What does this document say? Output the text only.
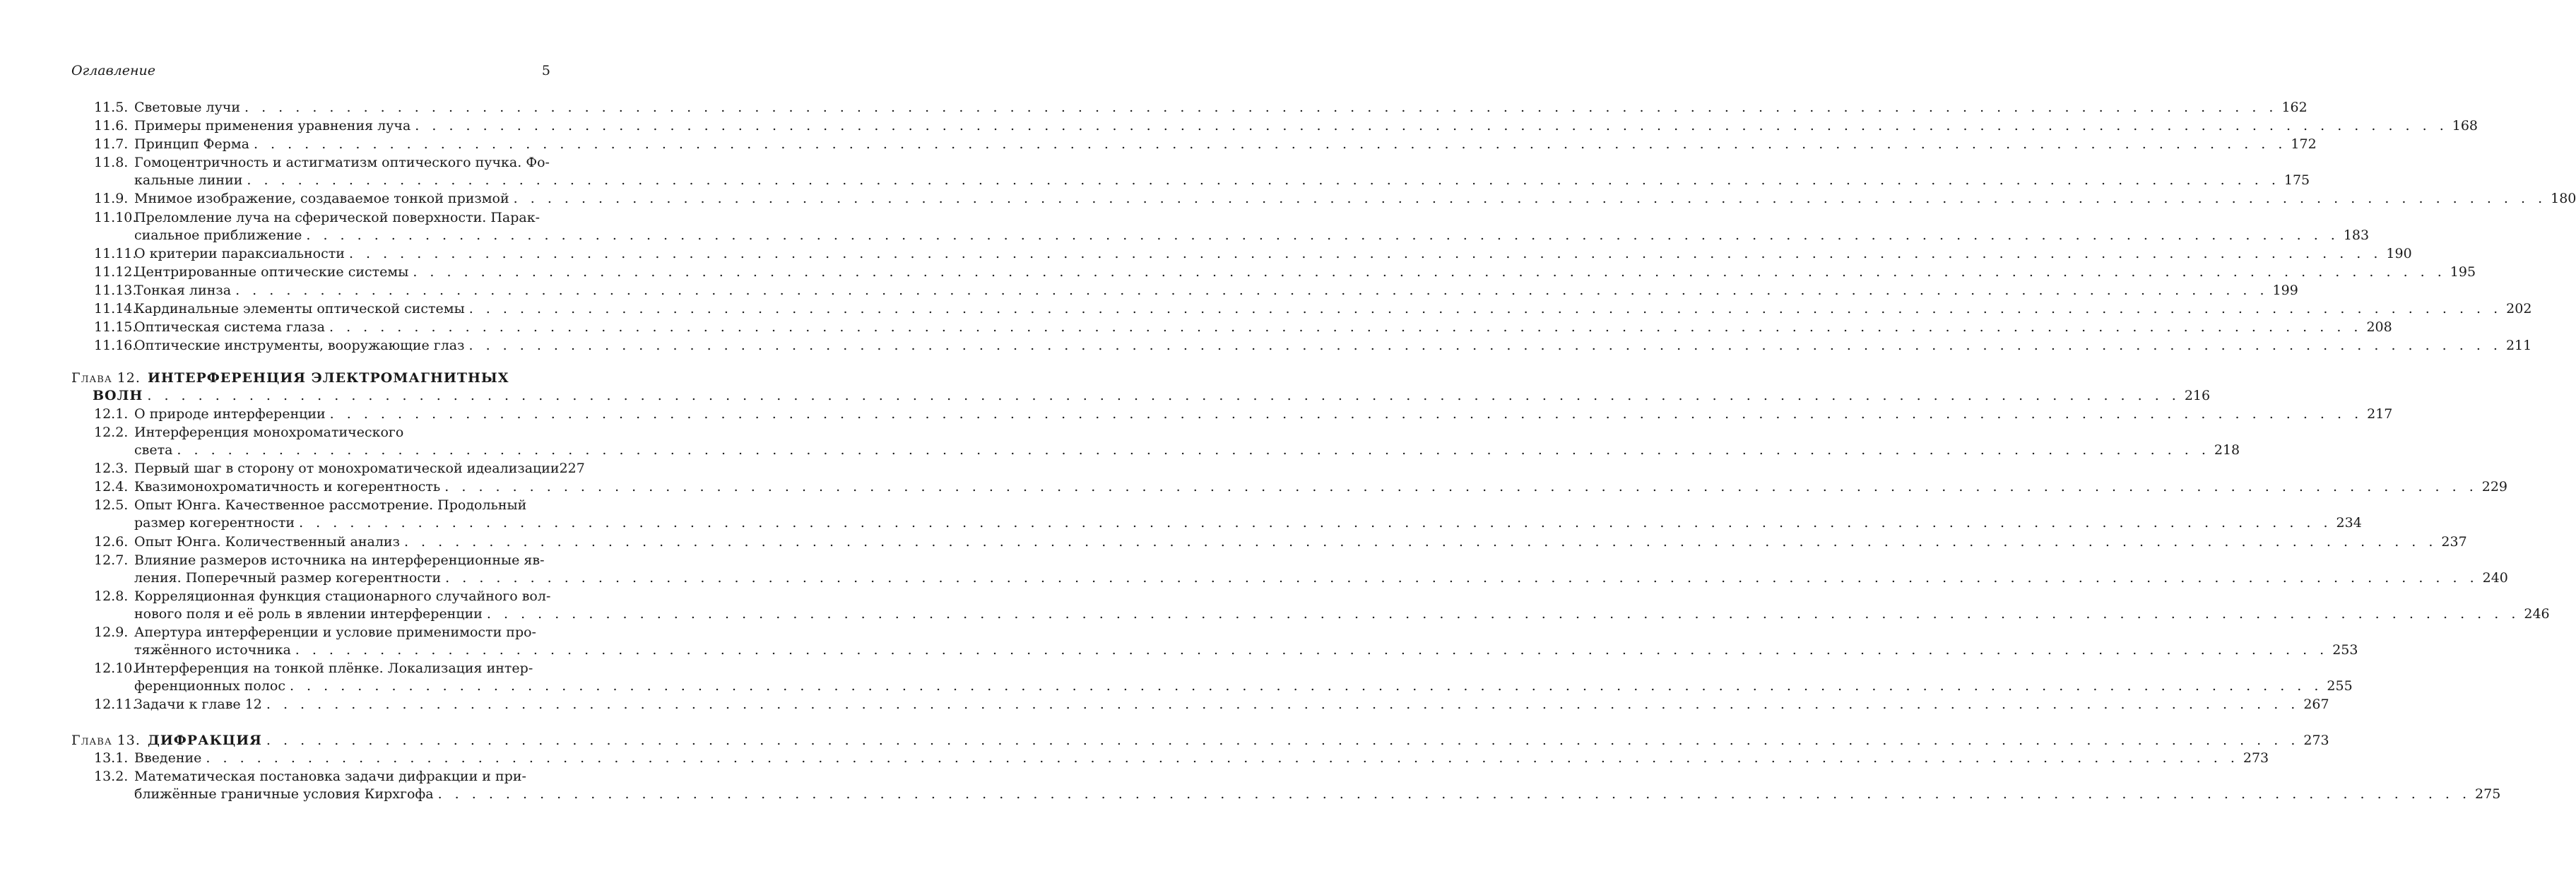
Оглавление	5
11.5. Световые лучи . . . . . . . . . . . . . . . . . . . . . . . . . . . . . . . . . . . . . . . . . . . . . . . . . . . . . . . . . . . . . . . . . . . . . . . . . . . . . . . . . . . . . . . . . . . . . . . . . . . . . . . . . . . . . . . . . . . . . . . . 162
11.6. Примеры применения уравнения луча . . . . . . . . . . . . . . . . . . . . . . . . . . . . . . . . . . . . . . . . . . . . . . . . . . . . . . . . . . . . . . . . . . . . . . . . . . . . . . . . . . . . . . . . . . . . . . . . . . . . . . . . . . . . . . . . . . . . . . . . 168
11.7. Принцип Ферма . . . . . . . . . . . . . . . . . . . . . . . . . . . . . . . . . . . . . . . . . . . . . . . . . . . . . . . . . . . . . . . . . . . . . . . . . . . . . . . . . . . . . . . . . . . . . . . . . . . . . . . . . . . . . . . . . . . . . . . . 172
11.8. Гомоцентричность и астигматизм оптического пучка. Фо-
кальные линии . . . . . . . . . . . . . . . . . . . . . . . . . . . . . . . . . . . . . . . . . . . . . . . . . . . . . . . . . . . . . . . . . . . . . . . . . . . . . . . . . . . . . . . . . . . . . . . . . . . . . . . . . . . . . . . . . . . . . . . . 175
11.9. Мнимое изображение, создаваемое тонкой призмой . . . . . . . . . . . . . . . . . . . . . . . . . . . . . . . . . . . . . . . . . . . . . . . . . . . . . . . . . . . . . . . . . . . . . . . . . . . . . . . . . . . . . . . . . . . . . . . . . . . . . . . . . . . . . . . . . . . . . . . . 180
11.10.
Преломление луча на сферической поверхности. Парак-
сиальное приближение . . . . . . . . . . . . . . . . . . . . . . . . . . . . . . . . . . . . . . . . . . . . . . . . . . . . . . . . . . . . . . . . . . . . . . . . . . . . . . . . . . . . . . . . . . . . . . . . . . . . . . . . . . . . . . . . . . . . . . . . 183
11.11.
О критерии параксиальности . . . . . . . . . . . . . . . . . . . . . . . . . . . . . . . . . . . . . . . . . . . . . . . . . . . . . . . . . . . . . . . . . . . . . . . . . . . . . . . . . . . . . . . . . . . . . . . . . . . . . . . . . . . . . . . . . . . . . . . . 190
11.12.
Центрированные оптические системы . . . . . . . . . . . . . . . . . . . . . . . . . . . . . . . . . . . . . . . . . . . . . . . . . . . . . . . . . . . . . . . . . . . . . . . . . . . . . . . . . . . . . . . . . . . . . . . . . . . . . . . . . . . . . . . . . . . . . . . . 195
11.13.
Тонкая линза . . . . . . . . . . . . . . . . . . . . . . . . . . . . . . . . . . . . . . . . . . . . . . . . . . . . . . . . . . . . . . . . . . . . . . . . . . . . . . . . . . . . . . . . . . . . . . . . . . . . . . . . . . . . . . . . . . . . . . . . 199
11.14.
Кардинальные элементы оптической системы . . . . . . . . . . . . . . . . . . . . . . . . . . . . . . . . . . . . . . . . . . . . . . . . . . . . . . . . . . . . . . . . . . . . . . . . . . . . . . . . . . . . . . . . . . . . . . . . . . . . . . . . . . . . . . . . . . . . . . . . 202
11.15.
Оптическая система глаза . . . . . . . . . . . . . . . . . . . . . . . . . . . . . . . . . . . . . . . . . . . . . . . . . . . . . . . . . . . . . . . . . . . . . . . . . . . . . . . . . . . . . . . . . . . . . . . . . . . . . . . . . . . . . . . . . . . . . . . . 208
11.16.
Оптические инструменты, вооружающие глаз . . . . . . . . . . . . . . . . . . . . . . . . . . . . . . . . . . . . . . . . . . . . . . . . . . . . . . . . . . . . . . . . . . . . . . . . . . . . . . . . . . . . . . . . . . . . . . . . . . . . . . . . . . . . . . . . . . . . . . . . 211
12.1. О природе интерференции . . . . . . . . . . . . . . . . . . . . . . . . . . . . . . . . . . . . . . . . . . . . . . . . . . . . . . . . . . . . . . . . . . . . . . . . . . . . . . . . . . . . . . . . . . . . . . . . . . . . . . . . . . . . . . . . . . . . . . . . 217
12.2. Интерференция монохроматического
света . . . . . . . . . . . . . . . . . . . . . . . . . . . . . . . . . . . . . . . . . . . . . . . . . . . . . . . . . . . . . . . . . . . . . . . . . . . . . . . . . . . . . . . . . . . . . . . . . . . . . . . . . . . . . . . . . . . . . . . . 218
12.3. Первый шаг в сторону от монохроматической идеализации 227
12.4. Квазимонохроматичность и когерентность . . . . . . . . . . . . . . . . . . . . . . . . . . . . . . . . . . . . . . . . . . . . . . . . . . . . . . . . . . . . . . . . . . . . . . . . . . . . . . . . . . . . . . . . . . . . . . . . . . . . . . . . . . . . . . . . . . . . . . . . 229
12.5. Опыт Юнга. Качественное рассмотрение. Продольный
размер когерентности . . . . . . . . . . . . . . . . . . . . . . . . . . . . . . . . . . . . . . . . . . . . . . . . . . . . . . . . . . . . . . . . . . . . . . . . . . . . . . . . . . . . . . . . . . . . . . . . . . . . . . . . . . . . . . . . . . . . . . . . 234
12.6. Опыт Юнга. Количественный анализ . . . . . . . . . . . . . . . . . . . . . . . . . . . . . . . . . . . . . . . . . . . . . . . . . . . . . . . . . . . . . . . . . . . . . . . . . . . . . . . . . . . . . . . . . . . . . . . . . . . . . . . . . . . . . . . . . . . . . . . . 237
12.7. Влияние размеров источника на интерференционные яв-
ления. Поперечный размер когерентности . . . . . . . . . . . . . . . . . . . . . . . . . . . . . . . . . . . . . . . . . . . . . . . . . . . . . . . . . . . . . . . . . . . . . . . . . . . . . . . . . . . . . . . . . . . . . . . . . . . . . . . . . . . . . . . . . . . . . . . . 240
12.8. Корреляционная функция стационарного случайного вол-
нового поля и её роль в явлении интерференции . . . . . . . . . . . . . . . . . . . . . . . . . . . . . . . . . . . . . . . . . . . . . . . . . . . . . . . . . . . . . . . . . . . . . . . . . . . . . . . . . . . . . . . . . . . . . . . . . . . . . . . . . . . . . . . . . . . . . . . . 246
12.9. Апертура интерференции и условие применимости про-
тяжённого источника . . . . . . . . . . . . . . . . . . . . . . . . . . . . . . . . . . . . . . . . . . . . . . . . . . . . . . . . . . . . . . . . . . . . . . . . . . . . . . . . . . . . . . . . . . . . . . . . . . . . . . . . . . . . . . . . . . . . . . . . 253
12.10.
Интерференция на тонкой плёнке. Локализация интер-
ференционных полос . . . . . . . . . . . . . . . . . . . . . . . . . . . . . . . . . . . . . . . . . . . . . . . . . . . . . . . . . . . . . . . . . . . . . . . . . . . . . . . . . . . . . . . . . . . . . . . . . . . . . . . . . . . . . . . . . . . . . . . . 255
12.11.
Задачи к главе 12 . . . . . . . . . . . . . . . . . . . . . . . . . . . . . . . . . . . . . . . . . . . . . . . . . . . . . . . . . . . . . . . . . . . . . . . . . . . . . . . . . . . . . . . . . . . . . . . . . . . . . . . . . . . . . . . . . . . . . . . . 267
13.1. Введение . . . . . . . . . . . . . . . . . . . . . . . . . . . . . . . . . . . . . . . . . . . . . . . . . . . . . . . . . . . . . . . . . . . . . . . . . . . . . . . . . . . . . . . . . . . . . . . . . . . . . . . . . . . . . . . . . . . . . . . . 273
13.2. Математическая постановка задачи дифракции и при-
ближённые граничные условия Кирхгофа . . . . . . . . . . . . . . . . . . . . . . . . . . . . . . . . . . . . . . . . . . . . . . . . . . . . . . . . . . . . . . . . . . . . . . . . . . . . . . . . . . . . . . . . . . . . . . . . . . . . . . . . . . . . . . . . . . . . . . . . 275
Глава 12. ИНТЕРФЕРЕНЦИЯ ЭЛЕКТРОМАГНИТНЫХ
ВОЛН . . . . . . . . . . . . . . . . . . . . . . . . . . . . . . . . . . . . . . . . . . . . . . . . . . . . . . . . . . . . . . . . . . . . . . . . . . . . . . . . . . . . . . . . . . . . . . . . . . . . . . . . . . . . . . . . . . . . . . . . 216
Глава 13. ДИФРАКЦИЯ . . . . . . . . . . . . . . . . . . . . . . . . . . . . . . . . . . . . . . . . . . . . . . . . . . . . . . . . . . . . . . . . . . . . . . . . . . . . . . . . . . . . . . . . . . . . . . . . . . . . . . . . . . . . . . . . . . . . . . . . 273
